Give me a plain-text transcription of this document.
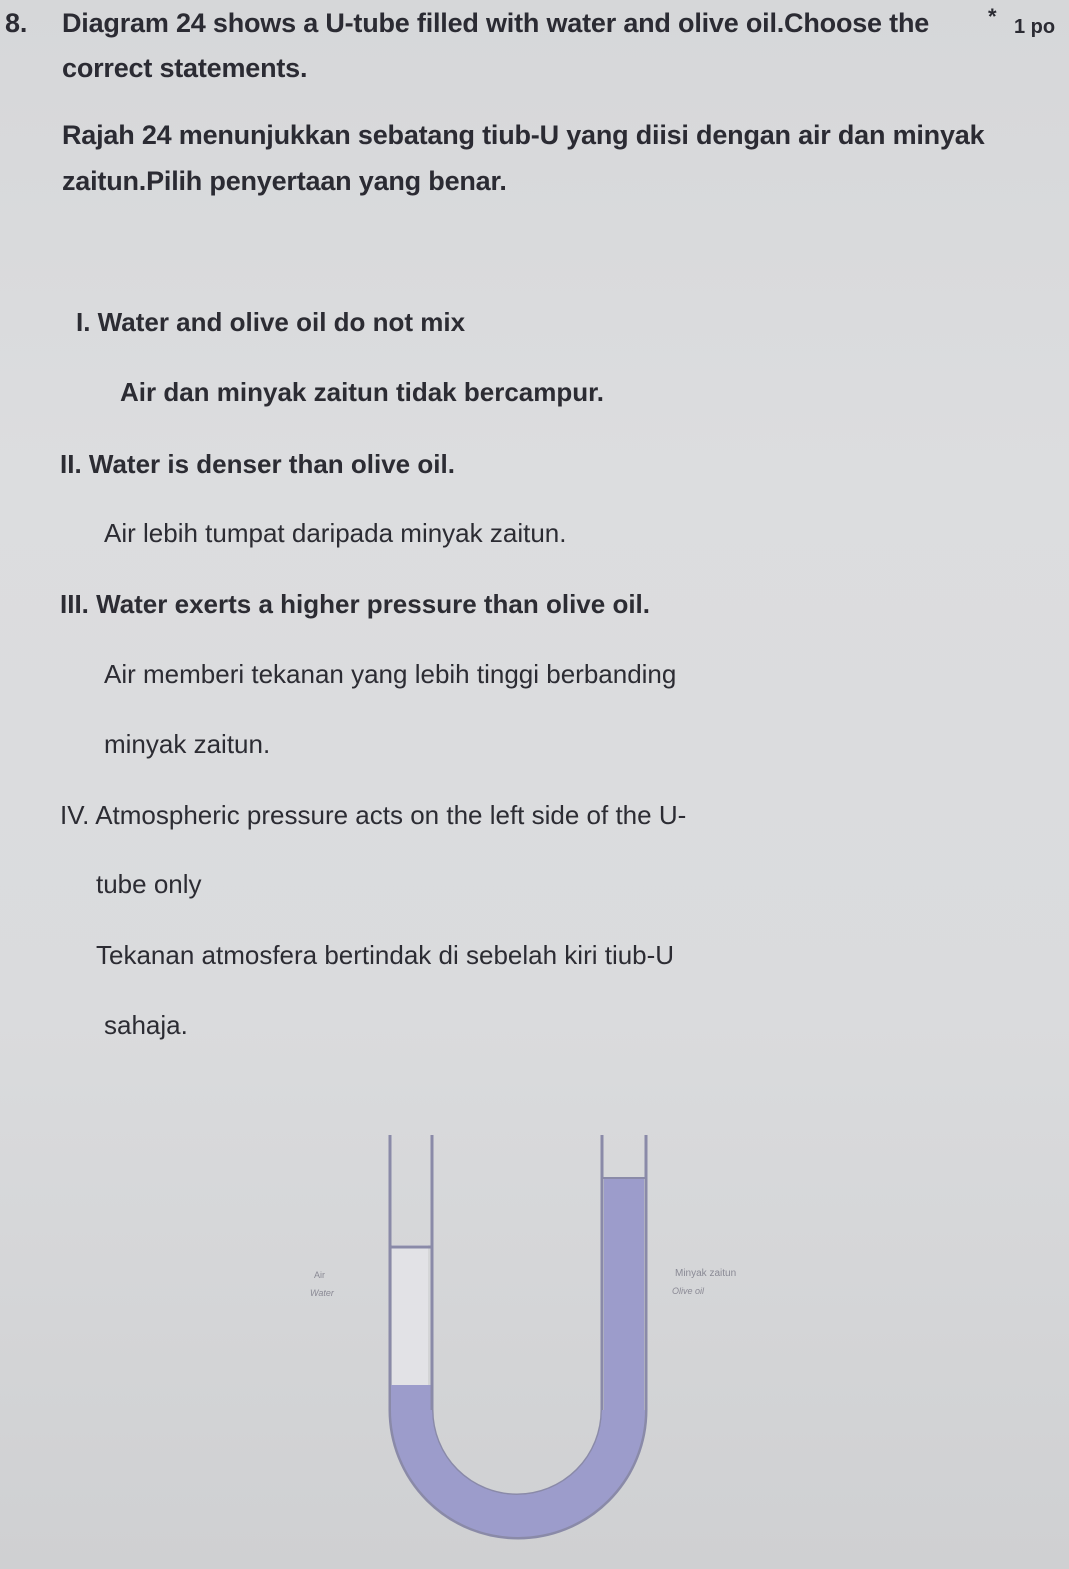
8. Diagram 24 shows a U-tube filled with water and olive oil.Choose the
correct statements.
Rajah 24 menunjukkan sebatang tiub-U yang diisi dengan air dan minyak
zaitun.Pilih penyertaan yang benar.
* 1 po
I. Water and olive oil do not mix
Air dan minyak zaitun tidak bercampur.
II. Water is denser than olive oil.
Air lebih tumpat daripada minyak zaitun.
III. Water exerts a higher pressure than olive oil.
Air memberi tekanan yang lebih tinggi berbanding
minyak zaitun.
IV. Atmospheric pressure acts on the left side of the U-
tube only
Tekanan atmosfera bertindak di sebelah kiri tiub-U
sahaja.
Air
Water
Minyak zaitun
Olive oil
